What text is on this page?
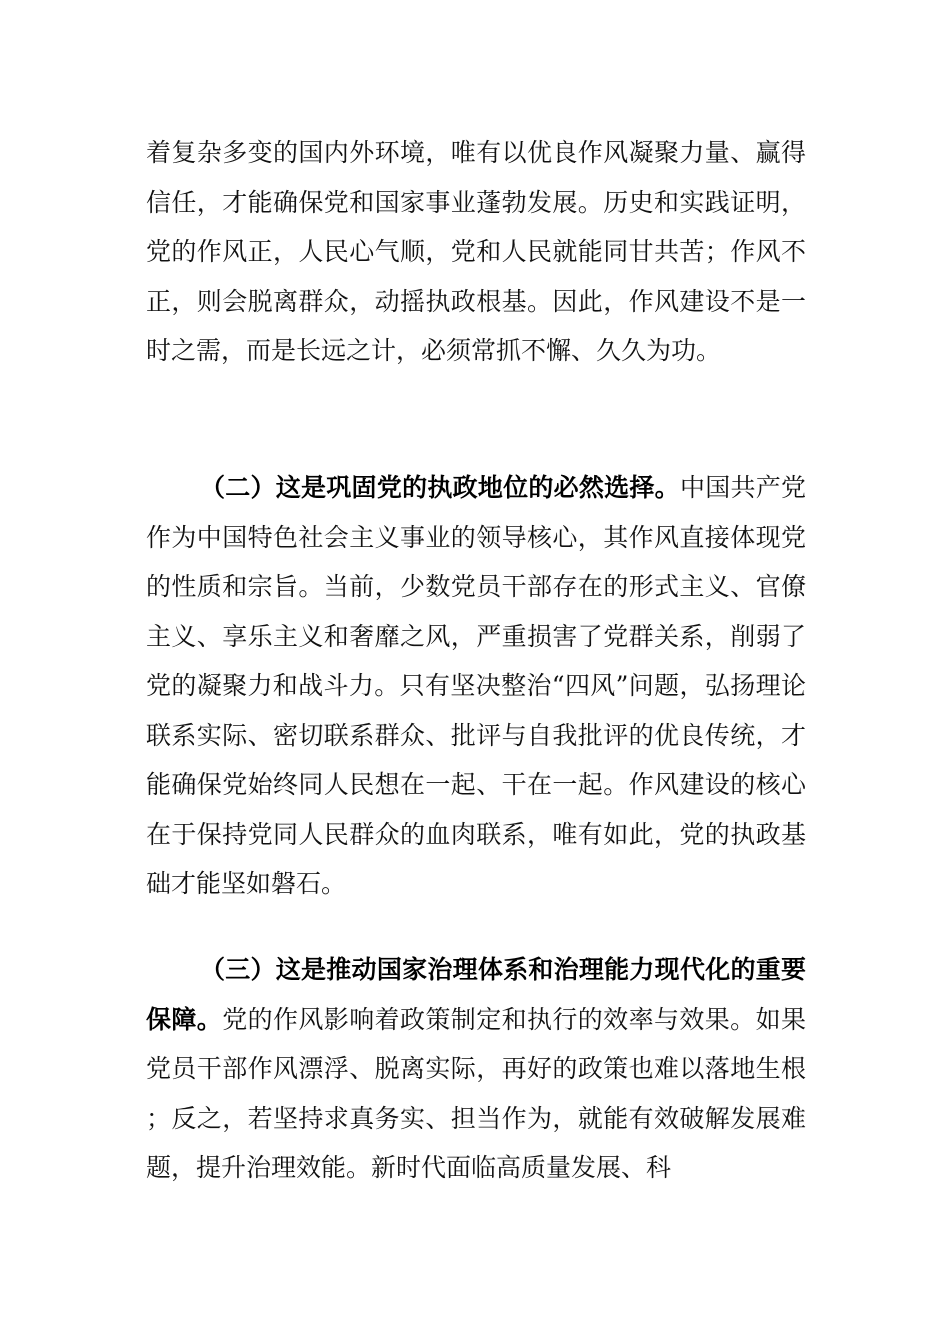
着复杂多变的国内外环境，唯有以优良作风凝聚力量、赢得信任，才能确保党和国家事业蓬勃发展。历史和实践证明，党的作风正，人民心气顺，党和人民就能同甘共苦；作风不正，则会脱离群众，动摇执政根基。因此，作风建设不是一时之需，而是长远之计，必须常抓不懈、久久为功。

（二）这是巩固党的执政地位的必然选择。中国共产党作为中国特色社会主义事业的领导核心，其作风直接体现党的性质和宗旨。当前，少数党员干部存在的形式主义、官僚主义、享乐主义和奢靡之风，严重损害了党群关系，削弱了党的凝聚力和战斗力。只有坚决整治“四风”问题，弘扬理论联系实际、密切联系群众、批评与自我批评的优良传统，才能确保党始终同人民想在一起、干在一起。作风建设的核心在于保持党同人民群众的血肉联系，唯有如此，党的执政基础才能坚如磐石。

（三）这是推动国家治理体系和治理能力现代化的重要保障。党的作风影响着政策制定和执行的效率与效果。如果党员干部作风漂浮、脱离实际，再好的政策也难以落地生根；反之，若坚持求真务实、担当作为，就能有效破解发展难题，提升治理效能。新时代面临高质量发展、科
